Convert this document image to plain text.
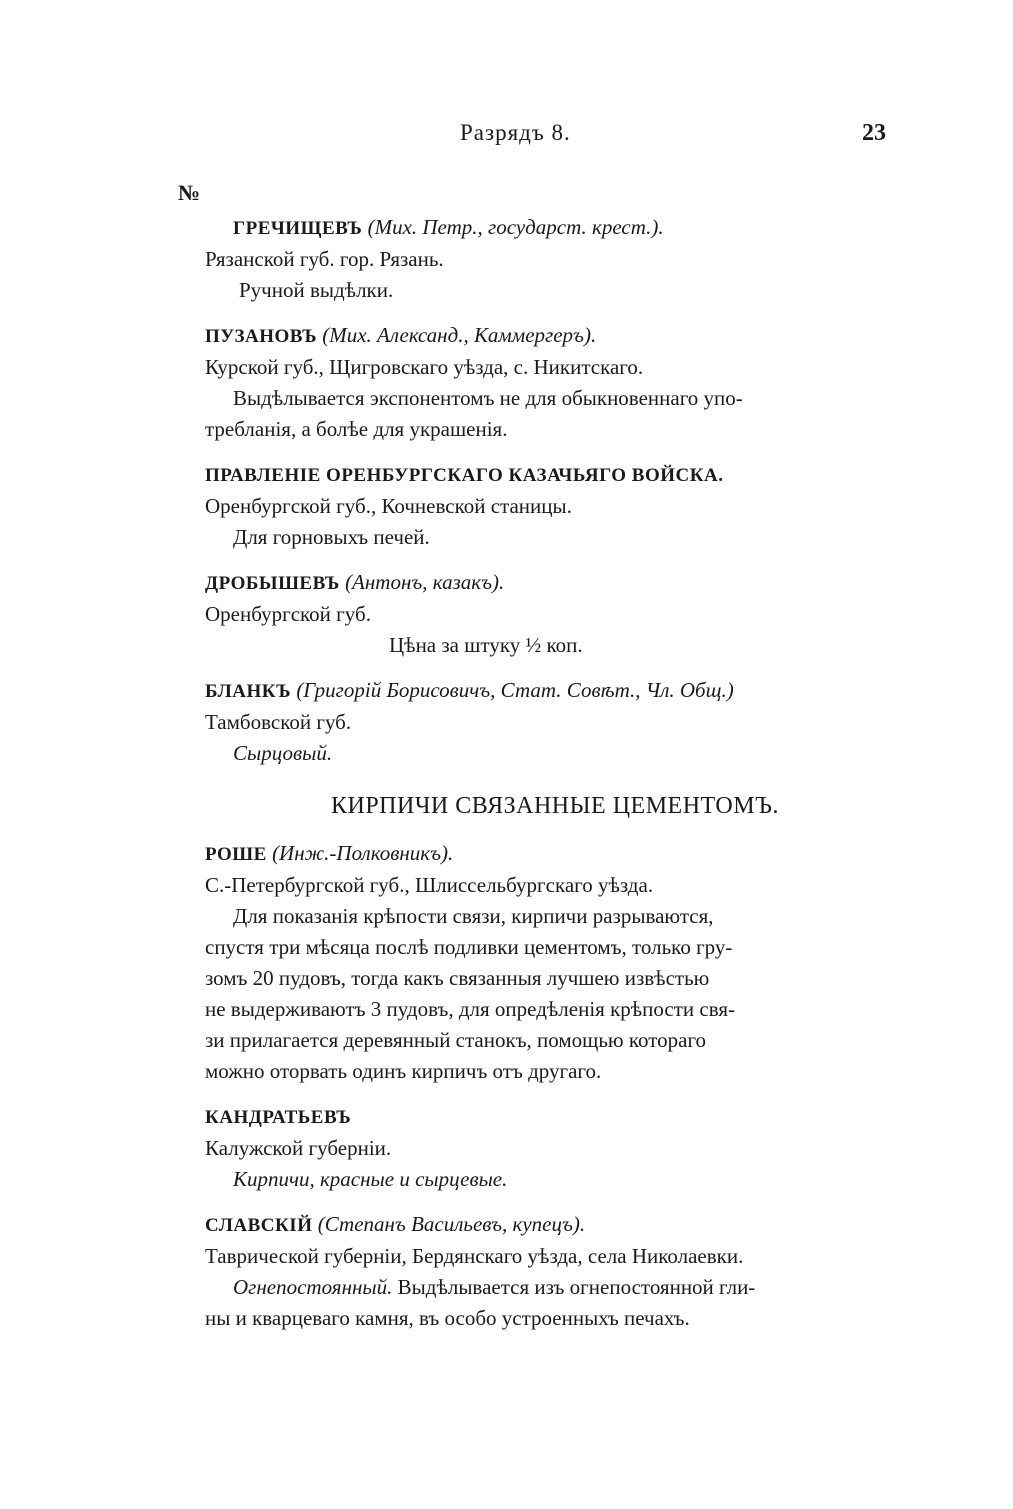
Разрядъ 8.	23
№
ГРЕЧИЩЕВЪ (Мих. Петр., государст. крест.).
Рязанской губ. гор. Рязань.
Ручной выдѣлки.
ПУЗАНОВЪ (Мих. Александ., Каммергеръ).
Курской губ., Щигровскаго уѣзда, с. Никитскаго.
Выдѣлывается экспонентомъ не для обыкновеннаго упо-
требланія, а болѣе для украшенія.
ПРАВЛЕНІЕ ОРЕНБУРГСКАГО КАЗАЧЬЯГО ВОЙСКА.
Оренбургской губ., Кочневской станицы.
Для горновыхъ печей.
ДРОБЫШЕВЪ (Антонъ, казакъ).
Оренбургской губ.
Цѣна за штуку ½ коп.
БЛАНКЪ (Григорій Борисовичъ, Стат. Совѣт., Чл. Общ.)
Тамбовской губ.
Сырцовый.
КИРПИЧИ СВЯЗАННЫЕ ЦЕМЕНТОМЪ.
РОШЕ (Инж.-Полковникъ).
С.-Петербургской губ., Шлиссельбургскаго уѣзда.
Для показанія крѣпости связи, кирпичи разрываются,
спустя три мѣсяца послѣ подливки цементомъ, только гру-
зомъ 20 пудовъ, тогда какъ связанныя лучшею извѣстью
не выдерживаютъ 3 пудовъ, для опредѣленія крѣпости свя-
зи прилагается деревянный станокъ, помощью котораго
можно оторвать одинъ кирпичъ отъ другаго.
КАНДРАТЬЕВЪ
Калужской губерніи.
Кирпичи, красные и сырцевые.
СЛАВСКІЙ (Степанъ Васильевъ, купецъ).
Таврической губерніи, Бердянскаго уѣзда, села Николаевки.
Огнепостоянный. Выдѣлывается изъ огнепостоянной гли-
ны и кварцеваго камня, въ особо устроенныхъ печахъ.
